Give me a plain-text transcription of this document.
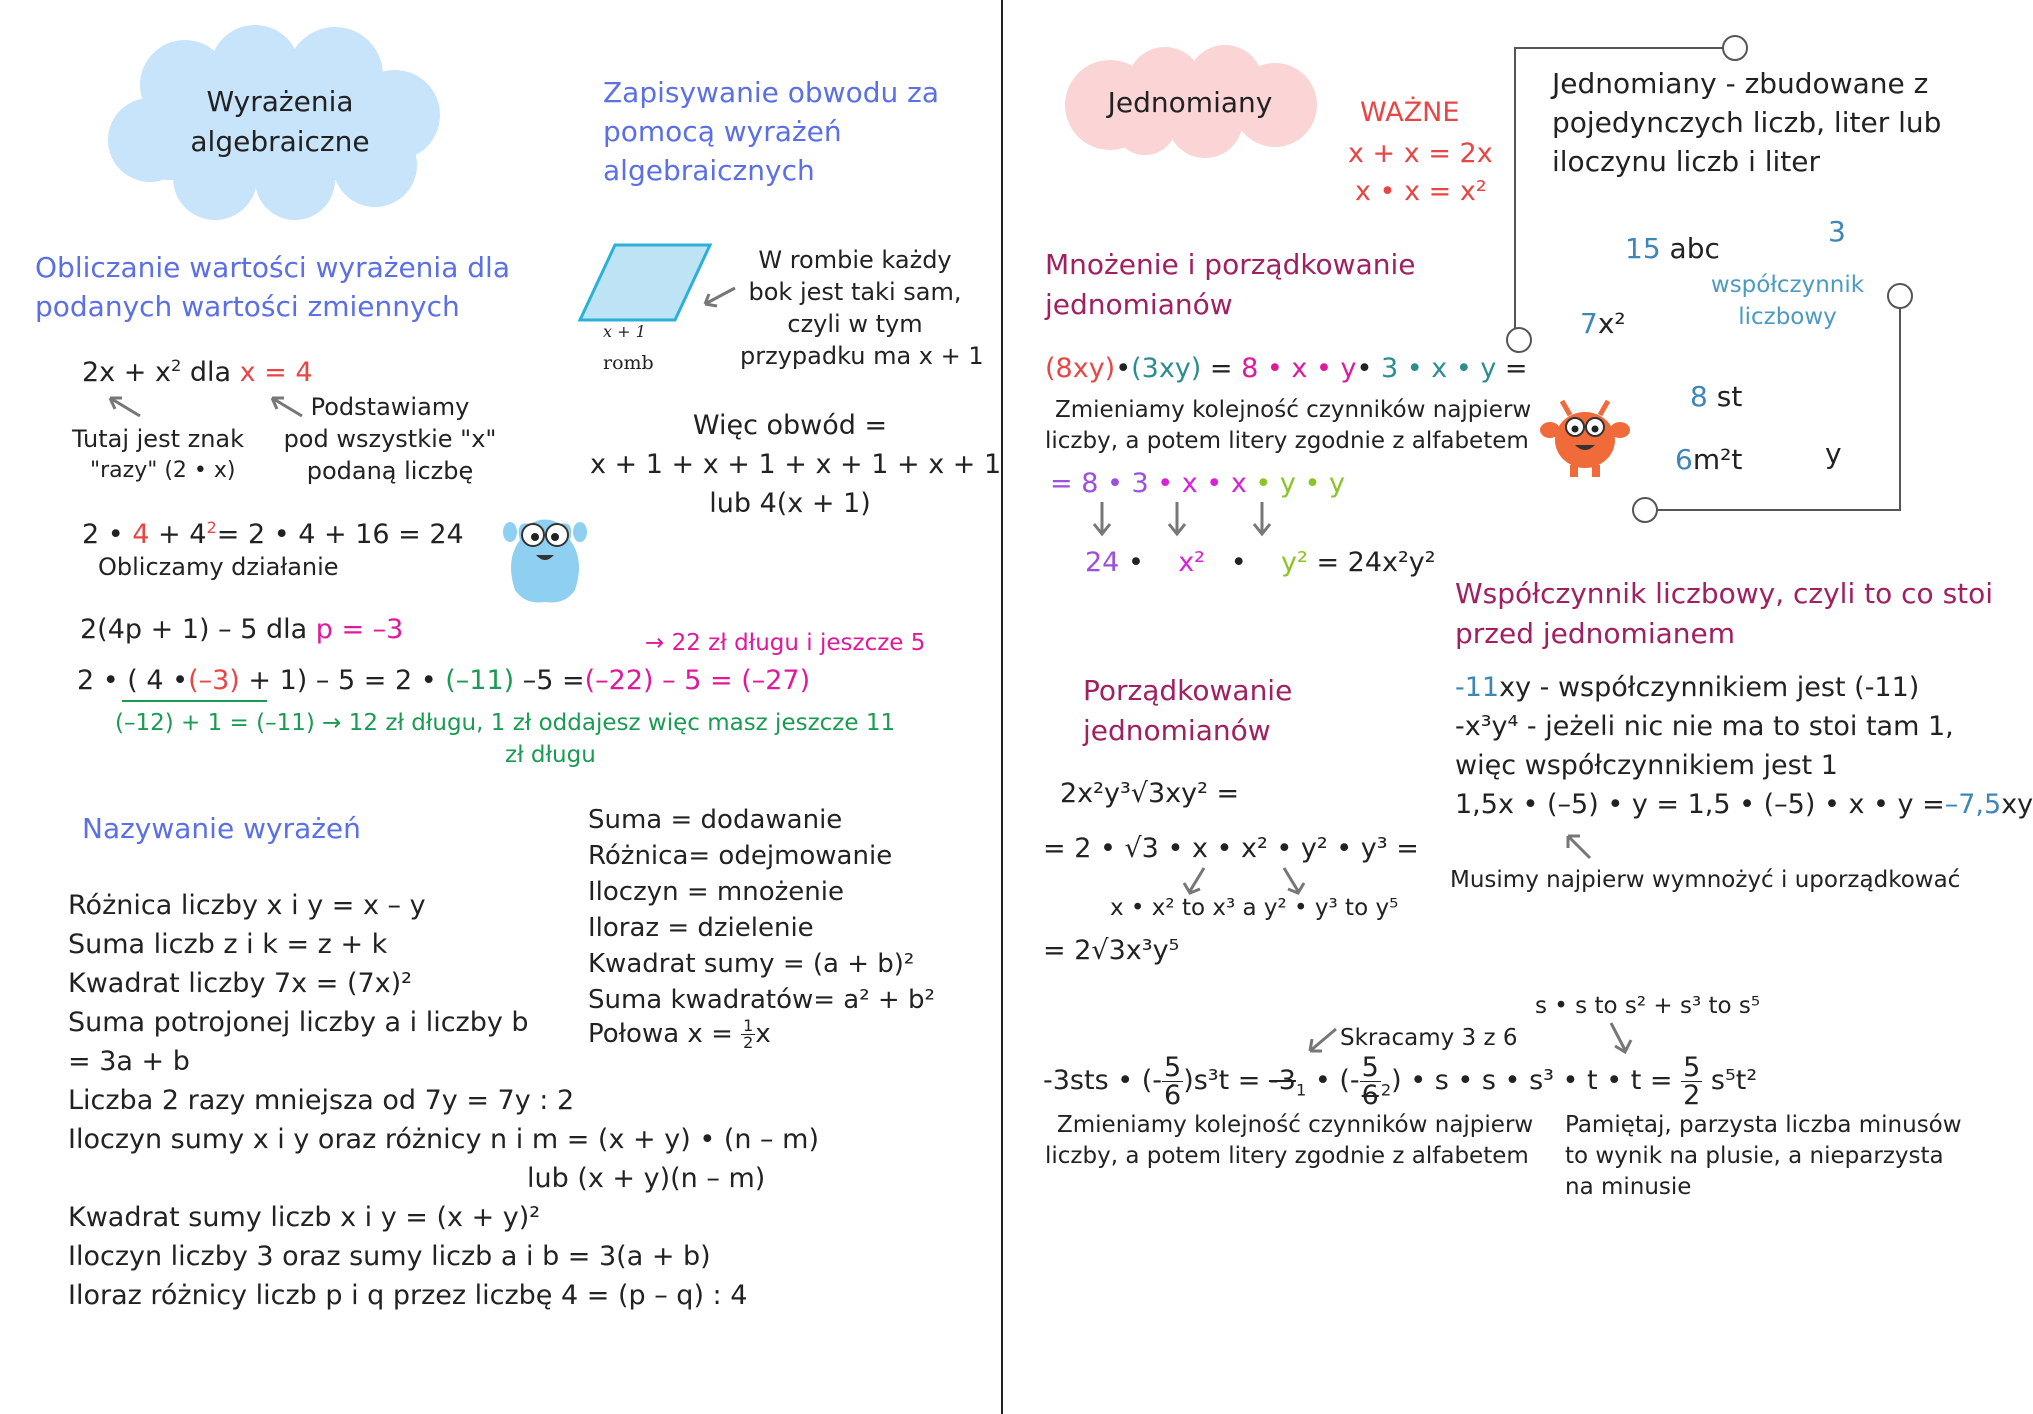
Wyrażenia
algebraiczne
Zapisywanie obwodu za
pomocą wyrażeń
algebraicznych
Obliczanie wartości wyrażenia dla
podanych wartości zmiennych
$2x + x^2$ dla x = 4
Tutaj jest znak
"razy" (2 • x)
Podstawiamy
pod wszystkie "x"
podaną liczbę
2 • $4 + 4^2= 2$ • 4 + 16 = 24
Obliczamy działanie
2(4p + 1) – 5 dla p = –3	→ 22 zł długu i jeszcze 5
2 • ( 4 •(–3) + 1) – 5 = 2 • (–11) –5 =(–22) – 5 = (–27)
(–12) + 1 = (–11) → 12 zł długu, 1 zł oddajesz więc masz jeszcze 11
zł długu
x + 1
romb
W rombie każdy
bok jest taki sam,
czyli w tym
przypadku ma x + 1
Więc obwód =
x + 1 + x + 1 + x + 1 + x + 1
lub 4(x + 1)
Nazywanie wyrażeń
Różnica liczby x i y = x – y
Suma liczb z i k = z + k
Kwadrat liczby 7x = (7x)²
Suma potrojonej liczby a i liczby b
= 3a + b
Liczba 2 razy mniejsza od 7y = 7y : 2
Iloczyn sumy x i y oraz różnicy n i m = (x + y) • (n – m)
lub (x + y)(n – m)
Kwadrat sumy liczb x i y = (x + y)²
Iloczyn liczby 3 oraz sumy liczb a i b = 3(a + b)
Iloraz różnicy liczb p i q przez liczbę 4 = (p – q) : 4
Suma = dodawanie
Różnica= odejmowanie
Iloczyn = mnożenie
Iloraz = dzielenie
Kwadrat sumy = (a + b)²
Suma kwadratów= a² + b²
Połowa $x = \frac{1}{2}$ x
Jednomiany	WAŻNE
x + x = 2x
x • x = x²
Jednomiany - zbudowane z
pojedynczych liczb, liter lub
iloczynu liczb i liter
15 abc
3
współczynnik
liczbowy
7x²
8 st
6m²t	y
Mnożenie i porządkowanie
jednomianów
(8xy)•(3xy) = 8 • x • y• 3 • x • y =
Zmieniamy kolejność czynników najpierw
liczby, a potem litery zgodnie z alfabetem
= 8 • 3 • x • x • y • y
24 •    x²   •    y² = 24x²y²
Porządkowanie
jednomianów
2x²y³√3xy² =
= 2 • √3 • x • x² • y² • y³ =
x • x² to x³ a y² • y³ to y⁵
= 2√3x³y⁵
Współczynnik liczbowy, czyli to co stoi
przed jednomianem
-11xy - współczynnikiem jest (-11)
-x³y⁴ - jeżeli nic nie ma to stoi tam 1,
więc współczynnikiem jest 1
1,5x • (–5) • y = 1,5 • (–5) • x • y =–7,5xy
Musimy najpierw wymnożyć i uporządkować
s • s to s² + s³ to s⁵
Skracamy 3 z 6
-3sts • (- $\frac{5}{6} )s^3t = -3_1$ • (- $\frac{5}{6} _2$) • s • s • s³ • t • $t = \frac{5}{2} s^5t^2$
Zmieniamy kolejność czynników najpierw
liczby, a potem litery zgodnie z alfabetem
Pamiętaj, parzysta liczba minusów
to wynik na plusie, a nieparzysta
na minusie
